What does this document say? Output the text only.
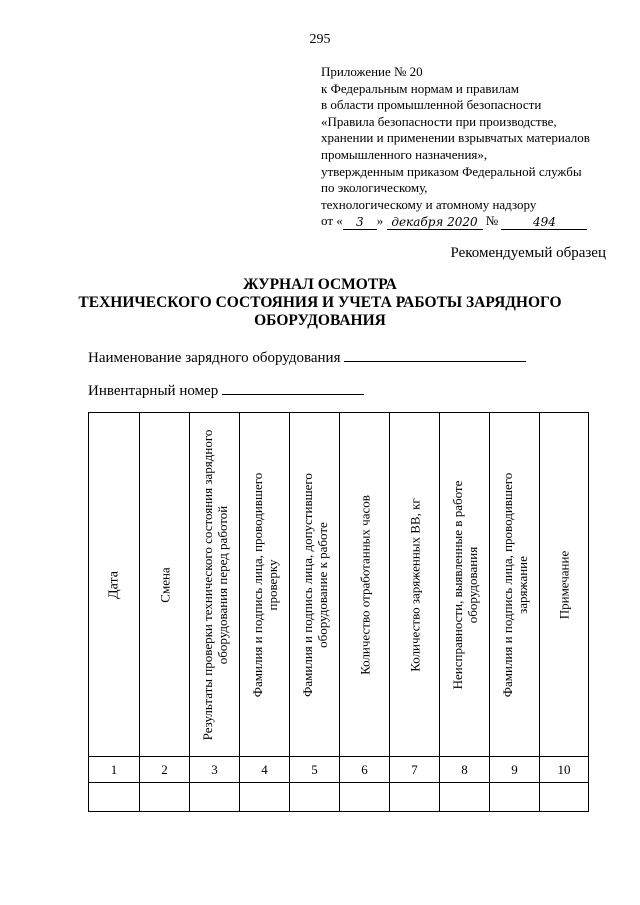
295
Приложение № 20
к Федеральным нормам и правилам
в области промышленной безопасности
«Правила безопасности при производстве,
хранении и применении взрывчатых материалов
промышленного назначения»,
утвержденным приказом Федеральной службы
по экологическому,
технологическому и атомному надзору
от « 3 » декабря 2020 №	494
Рекомендуемый образец
ЖУРНАЛ ОСМОТРА
ТЕХНИЧЕСКОГО СОСТОЯНИЯ И УЧЕТА РАБОТЫ ЗАРЯДНОГО
ОБОРУДОВАНИЯ
Наименование зарядного оборудования
Инвентарный номер
Дата	Смена	Результаты проверки технического состояния зарядного оборудования перед работой	Фамилия и подпись лица, проводившего проверку	Фамилия и подпись лица, допустившего оборудование к работе	Количество отработанных часов	Количество заряженных ВВ, кг	Неисправности, выявленные в работе оборудования	Фамилия и подпись лица, проводившего заряжание	Примечание

1	2	3	4	5	6	7	8	9	10
